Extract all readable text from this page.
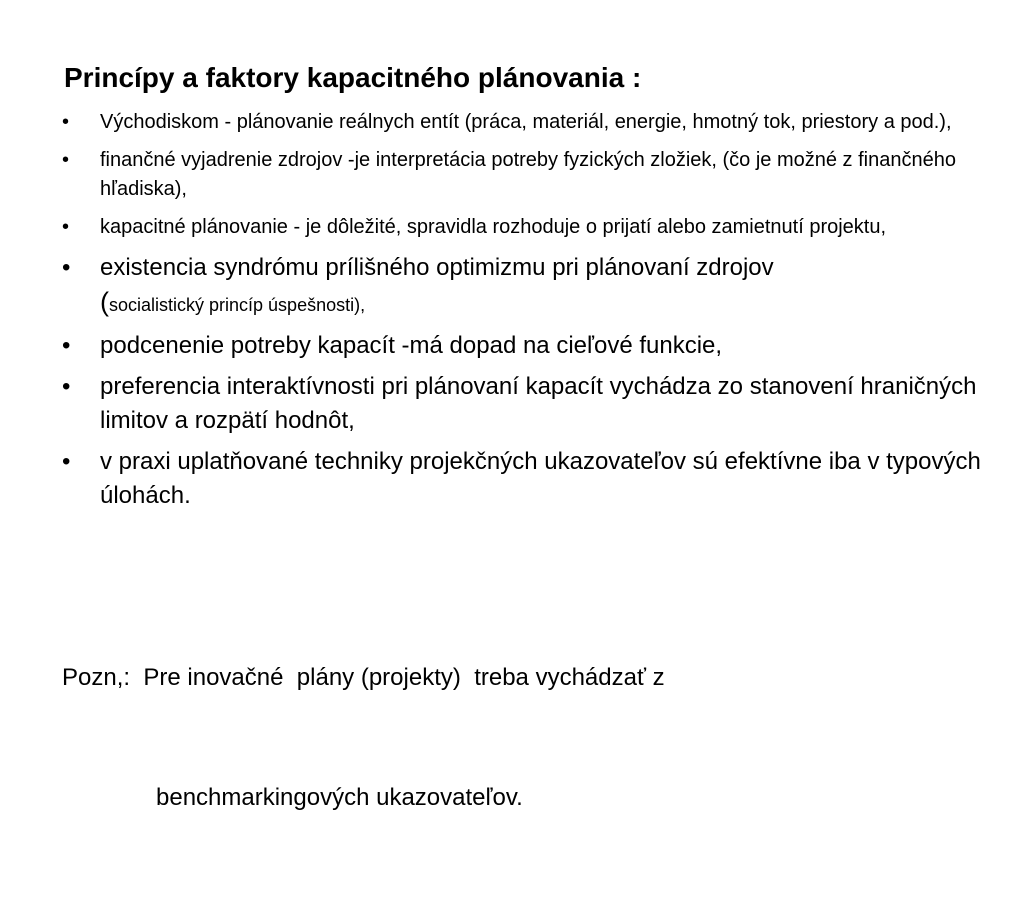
Princípy a faktory kapacitného plánovania :
• Východiskom - plánovanie reálnych entít (práca, materiál, energie, hmotný tok, priestory a pod.),
• finančné vyjadrenie zdrojov -je interpretácia potreby fyzických zložiek, (čo je možné z finančného hľadiska),
• kapacitné plánovanie - je dôležité, spravidla rozhoduje o prijatí alebo zamietnutí projektu,
• existencia syndrómu prílišného optimizmu pri plánovaní zdrojov
(socialistický princíp úspešnosti),
• podcenenie potreby kapacít -má dopad na cieľové funkcie,
• preferencia interaktívnosti pri plánovaní kapacít vychádza zo stanovení hraničných limitov a rozpätí hodnôt,
• v praxi uplatňované techniky projekčných ukazovateľov sú efektívne iba v typových úlohách.

Pozn,:  Pre inovačné  plány (projekty)  treba vychádzať z

benchmarkingových ukazovateľov.
